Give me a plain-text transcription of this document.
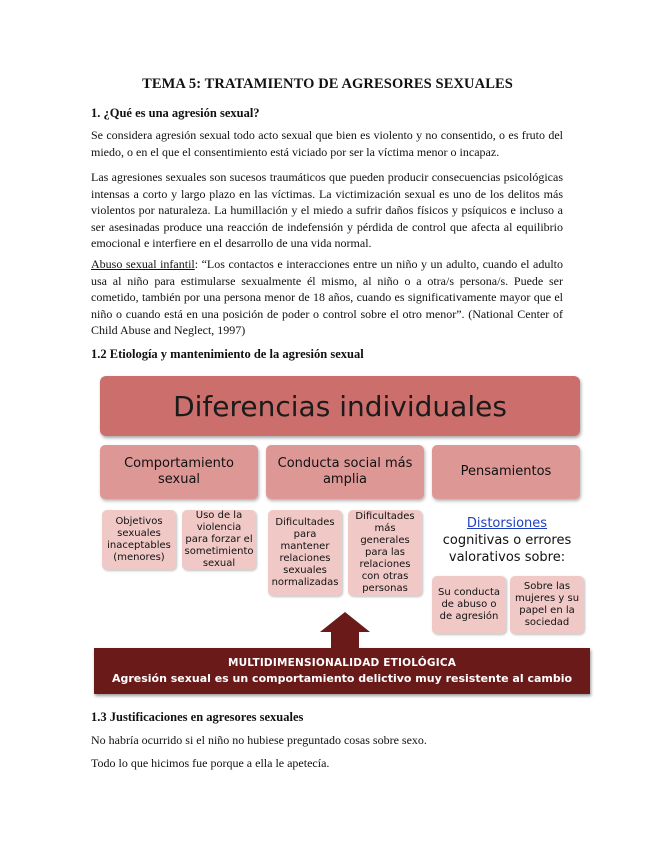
TEMA 5: TRATAMIENTO DE AGRESORES SEXUALES
1. ¿Qué es una agresión sexual?

Se considera agresión sexual todo acto sexual que bien es violento y no consentido, o es fruto del miedo, o en el que el consentimiento está viciado por ser la víctima menor o incapaz.

Las agresiones sexuales son sucesos traumáticos que pueden producir consecuencias psicológicas intensas a corto y largo plazo en las víctimas. La victimización sexual es uno de los delitos más violentos por naturaleza. La humillación y el miedo a sufrir daños físicos y psíquicos e incluso a ser asesinadas produce una reacción de indefensión y pérdida de control que afecta al equilibrio emocional e interfiere en el desarrollo de una vida normal.

Abuso sexual infantil: “Los contactos e interacciones entre un niño y un adulto, cuando el adulto usa al niño para estimularse sexualmente él mismo, al niño o a otra/s persona/s. Puede ser cometido, también por una persona menor de 18 años, cuando es significativamente mayor que el niño o cuando está en una posición de poder o control sobre el otro menor”. (National Center of Child Abuse and Neglect, 1997)

1.2 Etiología y mantenimiento de la agresión sexual
Diferencias individuales
Comportamiento sexual
Conducta social más amplia
Pensamientos
Objetivos sexuales inaceptables (menores)
Uso de la violencia para forzar el sometimiento sexual
Dificultades para mantener relaciones sexuales normalizadas
Dificultades más generales para las relaciones con otras personas
Distorsiones cognitivas o errores valorativos sobre:
Su conducta de abuso o de agresión
Sobre las mujeres y su papel en la sociedad
MULTIDIMENSIONALIDAD ETIOLÓGICA
Agresión sexual es un comportamiento delictivo muy resistente al cambio
1.3 Justificaciones en agresores sexuales
No habría ocurrido si el niño no hubiese preguntado cosas sobre sexo.
Todo lo que hicimos fue porque a ella le apetecía.
